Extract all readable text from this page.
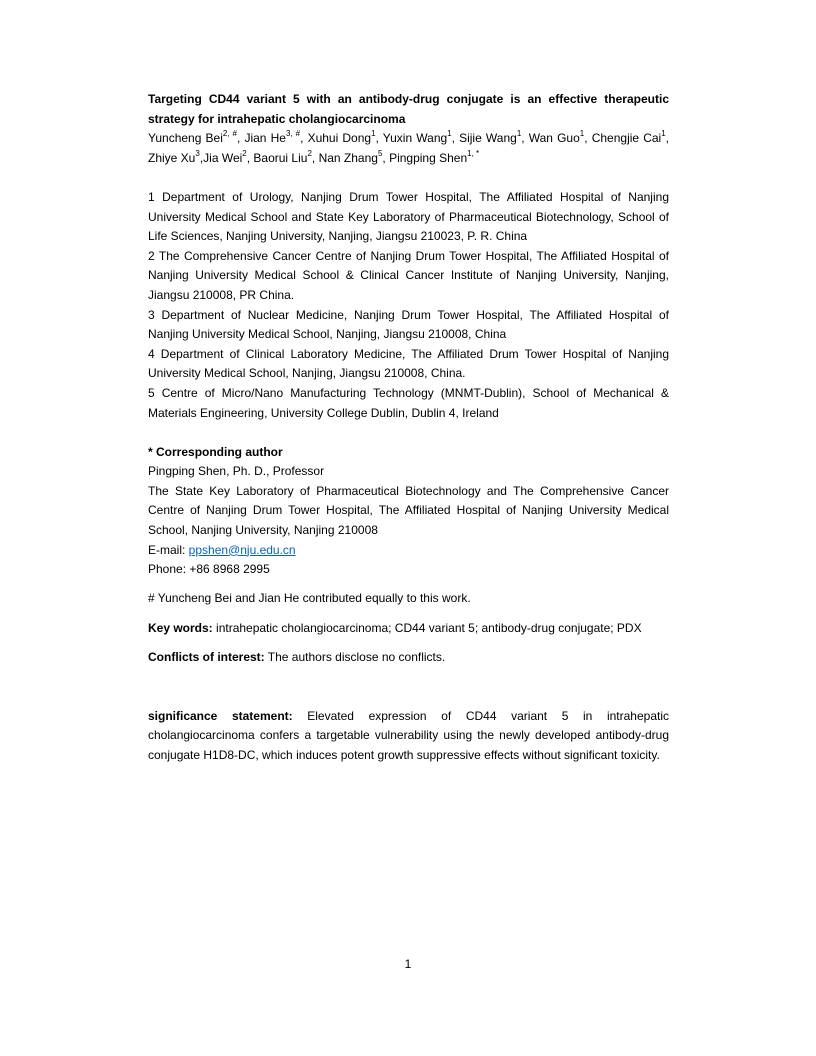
Targeting CD44 variant 5 with an antibody-drug conjugate is an effective therapeutic strategy for intrahepatic cholangiocarcinoma

Yuncheng Bei$^{2, \#}$, Jian $He^{3, \#}$, Xuhui Dong$^1$, Yuxin Wang$^1$, Sijie Wang$^1$, Wan Guo$^1$, Chengjie Cai$^1$, Zhiye Xu$^3$,Jia Wei$^2$, Baorui Liu$^2$, Nan Zhang$^5$, Pingping Shen$^{1, *}$

1 Department of Urology, Nanjing Drum Tower Hospital, The Affiliated Hospital of Nanjing University Medical School and State Key Laboratory of Pharmaceutical Biotechnology, School of Life Sciences, Nanjing University, Nanjing, Jiangsu 210023, P. R. China

2 The Comprehensive Cancer Centre of Nanjing Drum Tower Hospital, The Affiliated Hospital of Nanjing University Medical School & Clinical Cancer Institute of Nanjing University, Nanjing, Jiangsu 210008, PR China.

3 Department of Nuclear Medicine, Nanjing Drum Tower Hospital, The Affiliated Hospital of Nanjing University Medical School, Nanjing, Jiangsu 210008, China

4 Department of Clinical Laboratory Medicine, The Affiliated Drum Tower Hospital of Nanjing University Medical School, Nanjing, Jiangsu 210008, China.

5 Centre of Micro/Nano Manufacturing Technology (MNMT-Dublin), School of Mechanical & Materials Engineering, University College Dublin, Dublin 4, Ireland

* Corresponding author

Pingping Shen, Ph. D., Professor

The State Key Laboratory of Pharmaceutical Biotechnology and The Comprehensive Cancer Centre of Nanjing Drum Tower Hospital, The Affiliated Hospital of Nanjing University Medical School, Nanjing University, Nanjing 210008

E-mail: ppshen@nju.edu.cn

Phone: +86 8968 2995

# Yuncheng Bei and Jian He contributed equally to this work.

Key words: intrahepatic cholangiocarcinoma; CD44 variant 5; antibody-drug conjugate; PDX

Conflicts of interest: The authors disclose no conflicts.

significance statement: Elevated expression of CD44 variant 5 in intrahepatic cholangiocarcinoma confers a targetable vulnerability using the newly developed antibody-drug conjugate H1D8-DC, which induces potent growth suppressive effects without significant toxicity.

1
